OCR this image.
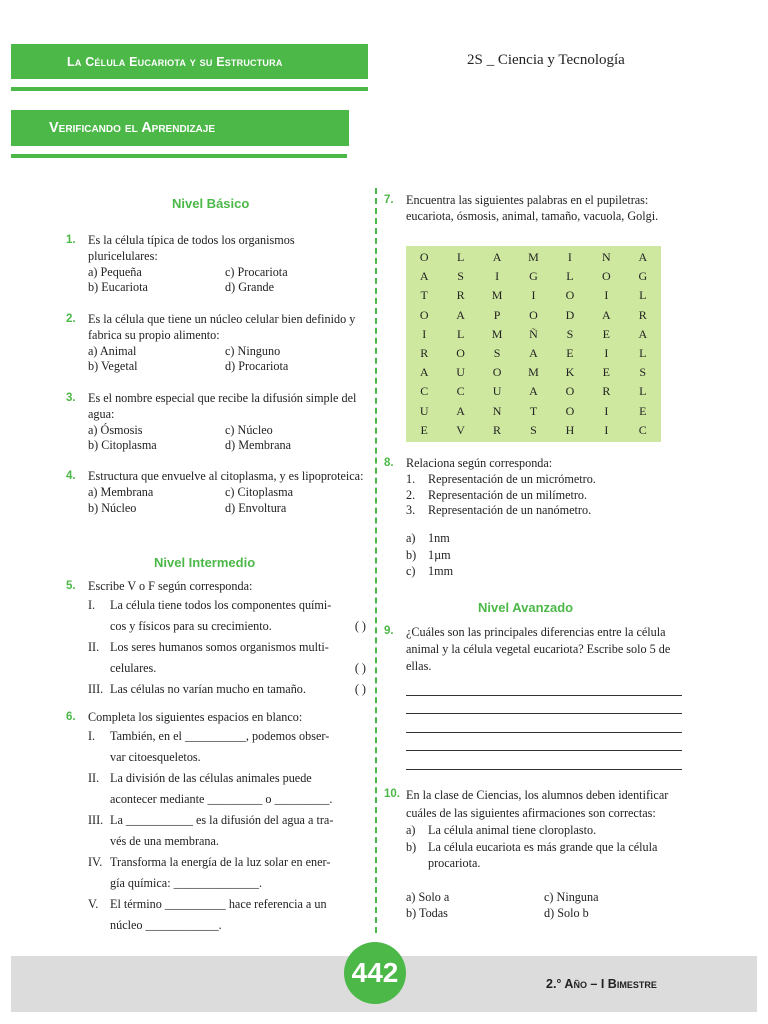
La Célula Eucariota y su Estructura	2S _ Ciencia y Tecnología
Verificando el Aprendizaje
Nivel Básico
1.	Es la célula típica de todos los organismos pluricelulares:
a) Pequeña	c) Procariota
b) Eucariota	d) Grande
2.	Es la célula que tiene un núcleo celular bien definido y fabrica su propio alimento:
a) Animal	c) Ninguno
b) Vegetal	d) Procariota
3.	Es el nombre especial que recibe la difusión simple del agua:
a) Ósmosis	c) Núcleo
b) Citoplasma	d) Membrana
4.	Estructura que envuelve al citoplasma, y es lipoproteica:
a) Membrana	c) Citoplasma
b) Núcleo	d) Envoltura
Nivel Intermedio
5.	Escribe V o F según corresponda:
I. La célula tiene todos los componentes quími-
cos y físicos para su crecimiento.	( )
II. Los seres humanos somos organismos multi-
celulares.	( )
III. Las células no varían mucho en tamaño.	( )
6.	Completa los siguientes espacios en blanco:
I. También, en el __________, podemos obser-
var citoesqueletos.
II. La división de las células animales puede
acontecer mediante _________ o _________.
III. La ___________ es la difusión del agua a tra-
vés de una membrana.
IV. Transforma la energía de la luz solar en ener-
gía química: ______________.
V. El término __________ hace referencia a un
núcleo ____________.
7.	Encuentra las siguientes palabras en el pupiletras: eucariota, ósmosis, animal, tamaño, vacuola, Golgi.
O	L	A	M	I	N	A
A	S	I	G	L	O	G
T	R	M	I	O	I	L
O	A	P	O	D	A	R
I	L	M	Ñ	S	E	A
R	O	S	A	E	I	L
A	U	O	M	K	E	S
C	C	U	A	O	R	L
U	A	N	T	O	I	E
E	V	R	S	H	I	C
8.	Relaciona según corresponda:
1. Representación de un micrómetro.
2. Representación de un milímetro.
3. Representación de un nanómetro.
a) 1nm
b) 1µm
c) 1mm
Nivel Avanzado
9.	¿Cuáles son las principales diferencias entre la célula animal y la célula vegetal eucariota? Escribe solo 5 de ellas.
10. En la clase de Ciencias, los alumnos deben identificar cuáles de las siguientes afirmaciones son correctas:
a) La célula animal tiene cloroplasto.
b) La célula eucariota es más grande que la célula procariota.
a) Solo a	c) Ninguna
b) Todas	d) Solo b
442	2.° Año – I Bimestre
